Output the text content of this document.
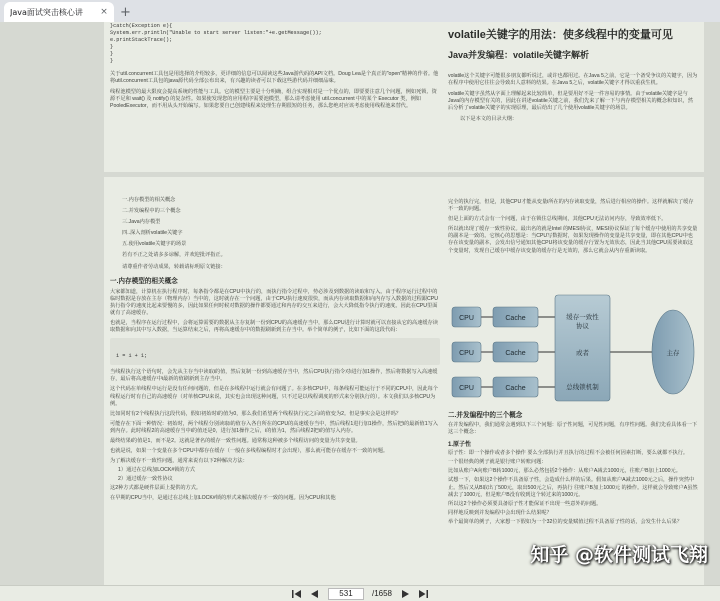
Java面试突击核心讲	× +
}catch(Exception e){
System.err.println("Unable to start server listen:"+e.getMessage());
e.printStackTrace();
}
}
}

关于util.concurrent工具包是用选择的介绍较多，更详细的信息可以阅读这些Java游代码的API文档。Doug Lea是个真正的"open"精神的作者。他将util.concurrent工具包的java源代码全部公布出来，有兴趣的读者可以下载这些游代码并细细品味。

线程池模型的最大限度会提高系统的性能与工具。它的模型主要是十分明确，组合实现相对是一个优点的，即要要注意几个问题，例如死锁、资源不足和 wait() 及 notify() 的复杂性。如果使发现您的应用程序需要池模型，那么请考虑使用 util.concurrent 中的某个 Executor 类，例如 PooledExecutor，而不用从头开始编写。如果您要自已创建线程来处理生存期很短的任务，那么您绝对应该考虑使用线程池来替代。

volatile关键字的用法：使多线程中的变量可见
Java并发编程：volatile关键字解析

volatile这个关键字可能很多朋友都听说过，或许也都用过。在Java 5之前，它是一个备受争议的关键字，因为在程序中使用它往往会导致出人意料的结果。在Java 5之后，volatile关键字才得以重获生机。

volatile关键字虽然从字面上理解起来比较简单，但是要用好不是一件容易的事情。由于volatile关键字是与Java的内存模型有关的，因此在讲述volatile关键之前，我们先来了解一下与内存模型相关的概念和知识，然后分析了volatile关键字的实现原理，最后给出了几个使用volatile关键字的场景。

以下是本文的目录大纲：

一.内存模型的相关概念
二.并发编程中的三个概念
三.Java内存模型
四..深入剖析volatile关键字
五.使用volatile关键字的场景
若有不正之处请多多谅解，并欢迎批评指正。
请尊重作者劳动成果，转载请标明原文链接：
一.内存模型的相关概念

大家都知道，计算机在执行程序时，每条指令都是在CPU中执行的，而执行指令过程中，势必涉及到数据的读取和写入。由于程序运行过程中的临时数据是存放在主存（物理内存）当中的，这时就存在一个问题，由于CPU执行速度很快，而从内存读取数据和向内存写入数据的过程跟CPU执行指令的速度比起来要慢的多，因此如果任何时候对数据的操作都要通过和内存的交互来进行，会大大降低指令执行的速度。因此在CPU里面就有了高速缓存。

也就是，当程序在运行过程中，会将运算需要的数据从主存复制一份到CPU的高速缓存当中，那么CPU进行计算时就可以直接从它的高速缓存读取数据和向其中写入数据，当运算结束之后，再将高速缓存中的数据刷新到主存当中。举个简单的例子，比如下面的这段代码：

i = i + 1;

当线程执行这个语句时，会先从主存当中读取i的值，然后复制一份到高速缓存当中，然后CPU执行指令对i进行加1操作，然后将数据写入高速缓存，最后将高速缓存中i最新的值刷新到主存当中。

这个代码在单线程中运行是没有任何问题的，但是在多线程中运行就会有问题了。在多核CPU中，每条线程可能运行于不同的CPU中，因此每个线程运行时有自己的高速缓存（对单核CPU来说，其实也会出现这种问题，只不过是以线程调度的形式来分别执行的）。本文我们以多核CPU为例。

比如同时有2个线程执行这段代码，假如初始时i的值为0，那么我们希望两个线程执行完之后i的值变为2。但是事实会是这样吗？

可能存在下面一种情况：初始时，两个线程分别读取i的值存入各自所在的CPU的高速缓存当中，然后线程1进行加1操作，然后把i的最新值1写入到内存。此时线程2的高速缓存当中i的值还是0，进行加1操作之后，i的值为1，然后线程2把i的值写入内存。

最终结果i的值是1，而不是2。这就是著名的缓存一致性问题。通常称这种被多个线程访问的变量为共享变量。

也就是说，如果一个变量在多个CPU中都存在缓存（一般在多线程编程时才会出现），那么就可能存在缓存不一致的问题。

为了解决缓存不一致性问题，通常来说有以下2种解决方法：

1）通过在总线加LOCK#锁的方式

2）通过缓存一致性协议

这2种方式都是硬件层面上提供的方式。

在早期的CPU当中，是通过在总线上加LOCK#锁的形式来解决缓存不一致的问题。因为CPU和其他

完全的执行完，但是，其他CPU才能从变量i所在的内存读取变量，然后进行相应的操作。这样就解决了缓存不一致的问题。

但是上面的方式会有一个问题，由于在锁住总线期间，其他CPU无法访问内存，导致效率低下。

所以就出现了缓存一致性协议。最出名的就是Intel 的MESI协议，MESI协议保证了每个缓存中使用的共享变量的副本是一致的。它核心的思想是：当CPU写数据时，如果发现操作的变量是共享变量，即在其他CPU中也存在该变量的副本，会发出信号通知其他CPU将该变量的缓存行置为无效状态，因此当其他CPU需要读取这个变量时，发现自己缓存中缓存该变量的缓存行是无效的，那么它就会从内存重新读取。

CPU
CPU
CPU
Cache
Cache
Cache
缓存一致性协议
或者
总线锁机制
主存
二.并发编程中的三个概念

在并发编程中，我们通常会遇到以下三个问题：原子性问题，可见性问题，有序性问题。我们先看具体看一下这三个概念：

1.原子性

原子性：即一个操作或者多个操作 要么全部执行并且执行的过程不会被任何因素打断，要么就都不执行。

一个很经典的例子就是银行账户转账问题：

比如从账户A向账户B转1000元，那么必然包括2个操作：从账户A减去1000元，往账户B加上1000元。

试想一下，如果这2个操作不具备原子性，会造成什么样的后果。假如从账户A减去1000元之后，操作突然中止。然后又从B取出了500元，取出500元之后，再执行 往账户B加上1000元 的操作。这样就会导致账户A虽然减去了1000元，但是账户B没有收到这个转过来的1000元。

所以这2个操作必须要具备原子性才能保证不出现一些意外的问题。

同样地反映到并发编程中会出现什么结果呢？

举个最简单的例子，大家想一下假如为一个32位的变量赋值过程不具备原子性的话，会发生什么后果？

知乎 @软件测试飞翔
531	/1658
